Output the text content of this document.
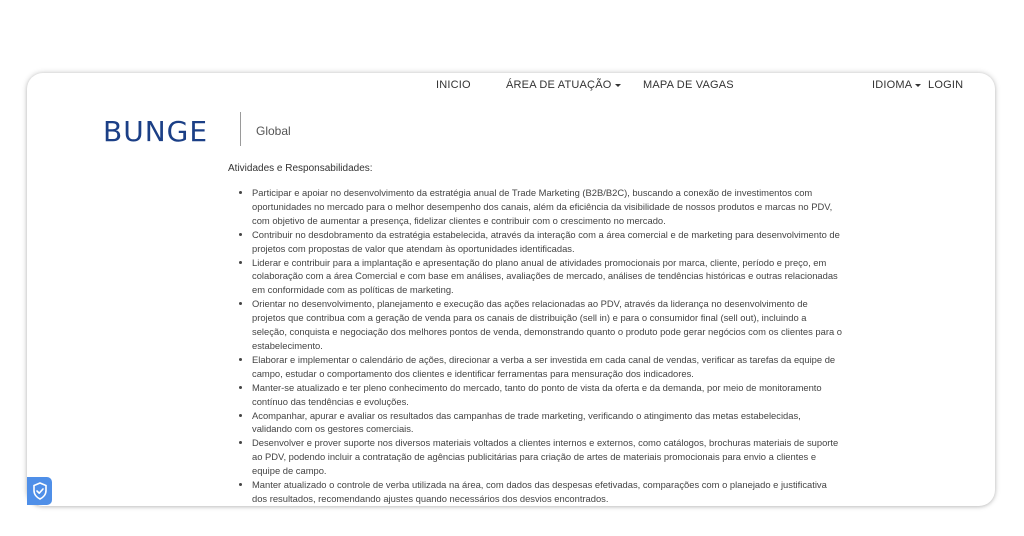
INICIO	ÁREA DE ATUAÇÃO	MAPA DE VAGAS	IDIOMA	LOGIN
BUNGE	Global
Atividades e Responsabilidades:
• Participar e apoiar no desenvolvimento da estratégia anual de Trade Marketing (B2B/B2C), buscando a conexão de investimentos com oportunidades no mercado para o melhor desempenho dos canais, além da eficiência da visibilidade de nossos produtos e marcas no PDV, com objetivo de aumentar a presença, fidelizar clientes e contribuir com o crescimento no mercado.
• Contribuir no desdobramento da estratégia estabelecida, através da interação com a área comercial e de marketing para desenvolvimento de projetos com propostas de valor que atendam às oportunidades identificadas.
• Liderar e contribuir para a implantação e apresentação do plano anual de atividades promocionais por marca, cliente, período e preço, em colaboração com a área Comercial e com base em análises, avaliações de mercado, análises de tendências históricas e outras relacionadas em conformidade com as políticas de marketing.
• Orientar no desenvolvimento, planejamento e execução das ações relacionadas ao PDV, através da liderança no desenvolvimento de projetos que contribua com a geração de venda para os canais de distribuição (sell in) e para o consumidor final (sell out), incluindo a seleção, conquista e negociação dos melhores pontos de venda, demonstrando quanto o produto pode gerar negócios com os clientes para o estabelecimento.
• Elaborar e implementar o calendário de ações, direcionar a verba a ser investida em cada canal de vendas, verificar as tarefas da equipe de campo, estudar o comportamento dos clientes e identificar ferramentas para mensuração dos indicadores.
• Manter-se atualizado e ter pleno conhecimento do mercado, tanto do ponto de vista da oferta e da demanda, por meio de monitoramento contínuo das tendências e evoluções.
• Acompanhar, apurar e avaliar os resultados das campanhas de trade marketing, verificando o atingimento das metas estabelecidas, validando com os gestores comerciais.
• Desenvolver e prover suporte nos diversos materiais voltados a clientes internos e externos, como catálogos, brochuras materiais de suporte ao PDV, podendo incluir a contratação de agências publicitárias para criação de artes de materiais promocionais para envio a clientes e equipe de campo.
• Manter atualizado o controle de verba utilizada na área, com dados das despesas efetivadas, comparações com o planejado e justificativa dos resultados, recomendando ajustes quando necessários dos desvios encontrados.
